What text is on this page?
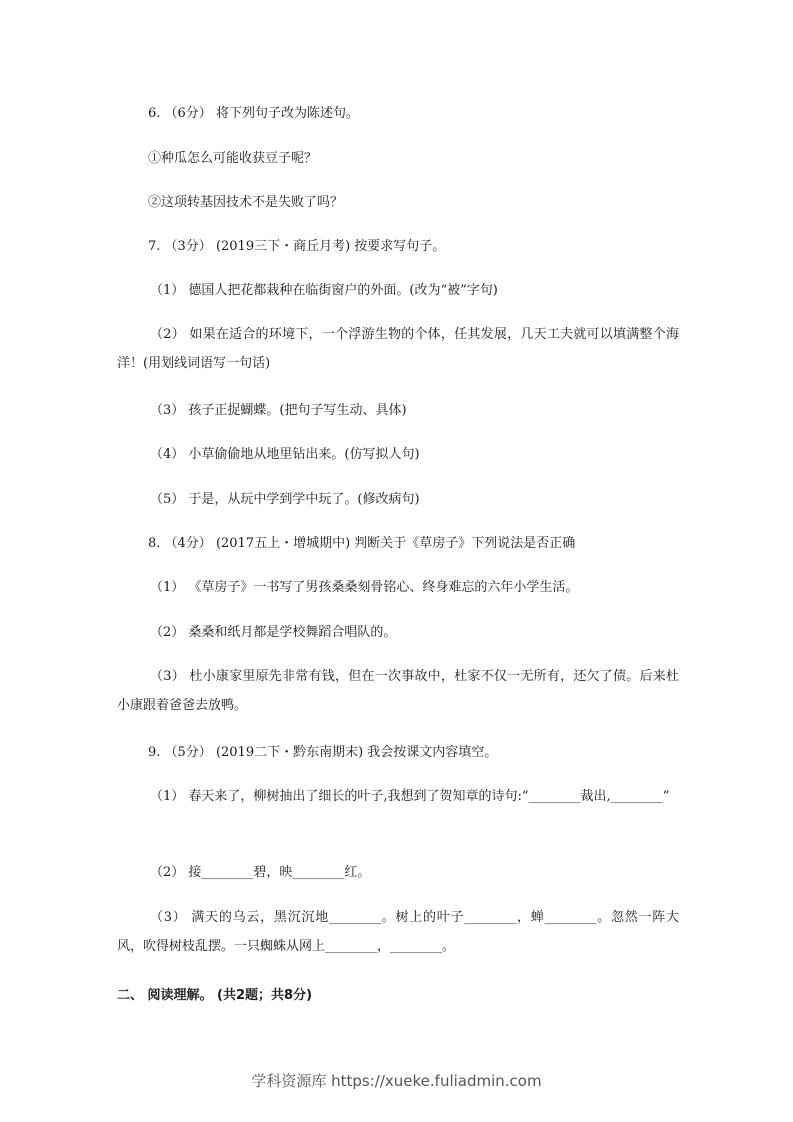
6. （6分） 将下列句子改为陈述句。
①种瓜怎么可能收获豆子呢？
②这项转基因技术不是失败了吗？
7. （3分） (2019三下・商丘月考) 按要求写句子。
（1） 德国人把花都栽种在临街窗户的外面。(改为“被”字句)
（2） 如果在适合的环境下，一个浮游生物的个体，任其发展，几天工夫就可以填满整个海洋！(用划线词语写一句话)
（3） 孩子正捉蝴蝶。(把句子写生动、具体)
（4） 小草偷偷地从地里钻出来。(仿写拟人句)
（5） 于是，从玩中学到学中玩了。(修改病句)
8. （4分） (2017五上・增城期中) 判断关于《草房子》下列说法是否正确
（1） 《草房子》一书写了男孩桑桑刻骨铭心、终身难忘的六年小学生活。
（2） 桑桑和纸月都是学校舞蹈合唱队的。
（3） 杜小康家里原先非常有钱，但在一次事故中，杜家不仅一无所有，还欠了债。后来杜小康跟着爸爸去放鸭。
9. （5分） (2019二下・黔东南期末) 我会按课文内容填空。
（1） 春天来了，柳树抽出了细长的叶子,我想到了贺知章的诗句:“________裁出,________”
（2） 接________碧，映________红。
（3） 满天的乌云，黑沉沉地________。树上的叶子________，蝉________。忽然一阵大风，吹得树枝乱摆。一只蜘蛛从网上________，________。
二、 阅读理解。 (共2题；共8分)
学科资源库 https://xueke.fuliadmin.com
